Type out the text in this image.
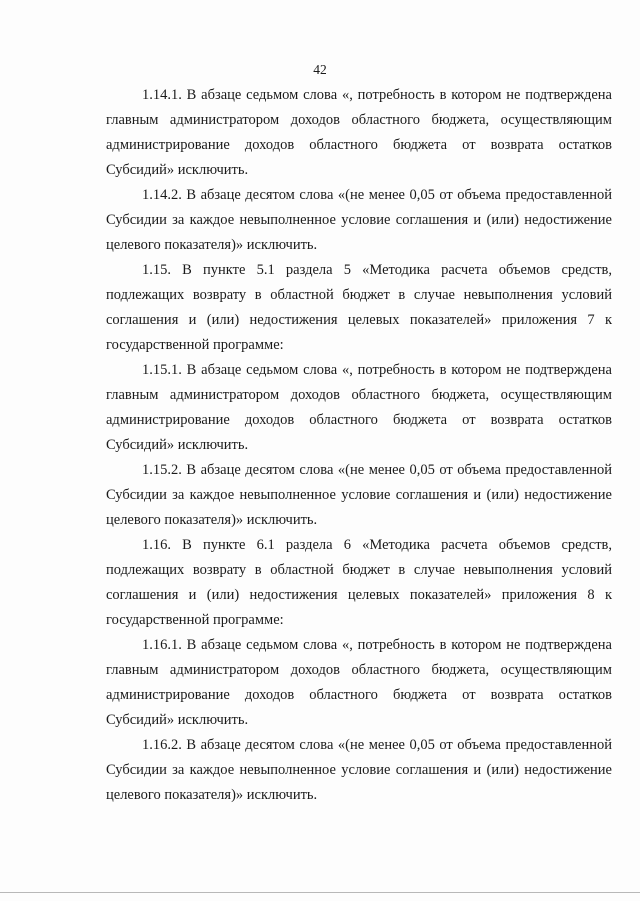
42

1.14.1. В абзаце седьмом слова «, потребность в котором не подтверждена главным администратором доходов областного бюджета, осуществляющим администрирование доходов областного бюджета от возврата остатков Субсидий» исключить.

1.14.2. В абзаце десятом слова «(не менее 0,05 от объема предоставленной Субсидии за каждое невыполненное условие соглашения и (или) недостижение целевого показателя)» исключить.

1.15. В пункте 5.1 раздела 5 «Методика расчета объемов средств, подлежащих возврату в областной бюджет в случае невыполнения условий соглашения и (или) недостижения целевых показателей» приложения 7 к государственной программе:

1.15.1. В абзаце седьмом слова «, потребность в котором не подтверждена главным администратором доходов областного бюджета, осуществляющим администрирование доходов областного бюджета от возврата остатков Субсидий» исключить.

1.15.2. В абзаце десятом слова «(не менее 0,05 от объема предоставленной Субсидии за каждое невыполненное условие соглашения и (или) недостижение целевого показателя)» исключить.

1.16. В пункте 6.1 раздела 6 «Методика расчета объемов средств, подлежащих возврату в областной бюджет в случае невыполнения условий соглашения и (или) недостижения целевых показателей» приложения 8 к государственной программе:

1.16.1. В абзаце седьмом слова «, потребность в котором не подтверждена главным администратором доходов областного бюджета, осуществляющим администрирование доходов областного бюджета от возврата остатков Субсидий» исключить.

1.16.2. В абзаце десятом слова «(не менее 0,05 от объема предоставленной Субсидии за каждое невыполненное условие соглашения и (или) недостижение целевого показателя)» исключить.
